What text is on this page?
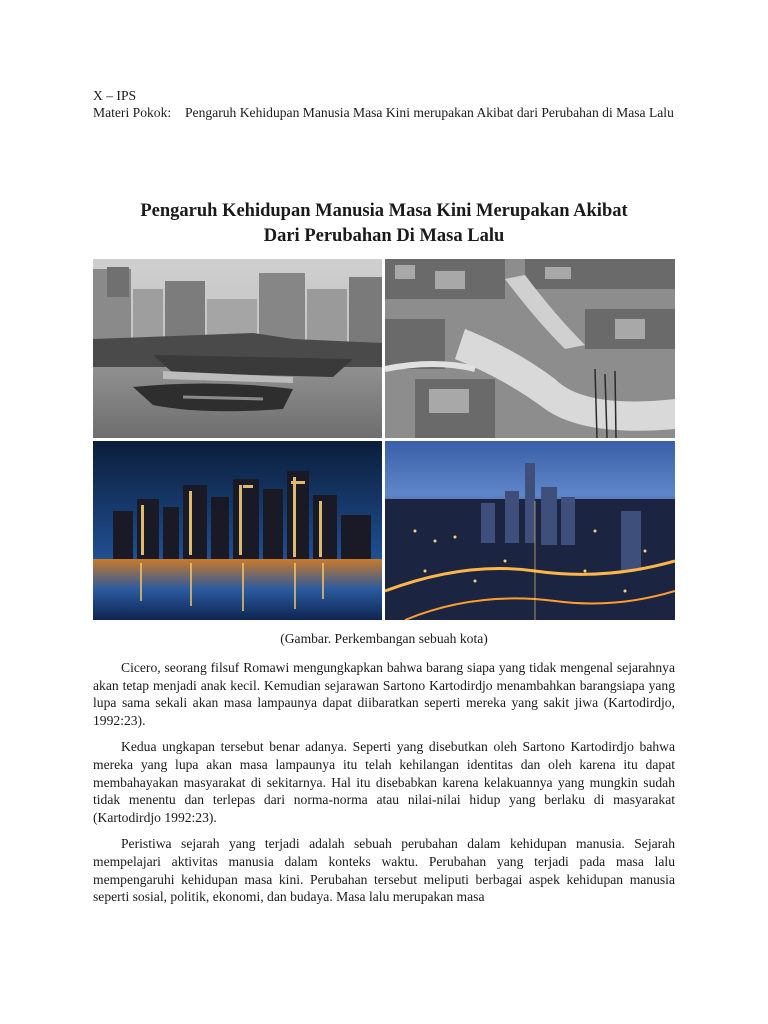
X – IPS
Materi Pokok:	Pengaruh Kehidupan Manusia Masa Kini merupakan Akibat dari Perubahan di Masa Lalu
Pengaruh Kehidupan Manusia Masa Kini Merupakan Akibat
Dari Perubahan Di Masa Lalu
(Gambar. Perkembangan sebuah kota)

Cicero, seorang filsuf Romawi mengungkapkan bahwa barang siapa yang tidak mengenal sejarahnya akan tetap menjadi anak kecil. Kemudian sejarawan Sartono Kartodirdjo menambahkan barangsiapa yang lupa sama sekali akan masa lampaunya dapat diibaratkan seperti mereka yang sakit jiwa (Kartodirdjo, 1992:23).

Kedua ungkapan tersebut benar adanya. Seperti yang disebutkan oleh Sartono Kartodirdjo bahwa mereka yang lupa akan masa lampaunya itu telah kehilangan identitas dan oleh karena itu dapat membahayakan masyarakat di sekitarnya. Hal itu disebabkan karena kelakuannya yang mungkin sudah tidak menentu dan terlepas dari norma-norma atau nilai-nilai hidup yang berlaku di masyarakat (Kartodirdjo 1992:23).

Peristiwa sejarah yang terjadi adalah sebuah perubahan dalam kehidupan manusia. Sejarah mempelajari aktivitas manusia dalam konteks waktu. Perubahan yang terjadi pada masa lalu mempengaruhi kehidupan masa kini. Perubahan tersebut meliputi berbagai aspek kehidupan manusia seperti sosial, politik, ekonomi, dan budaya. Masa lalu merupakan masa
